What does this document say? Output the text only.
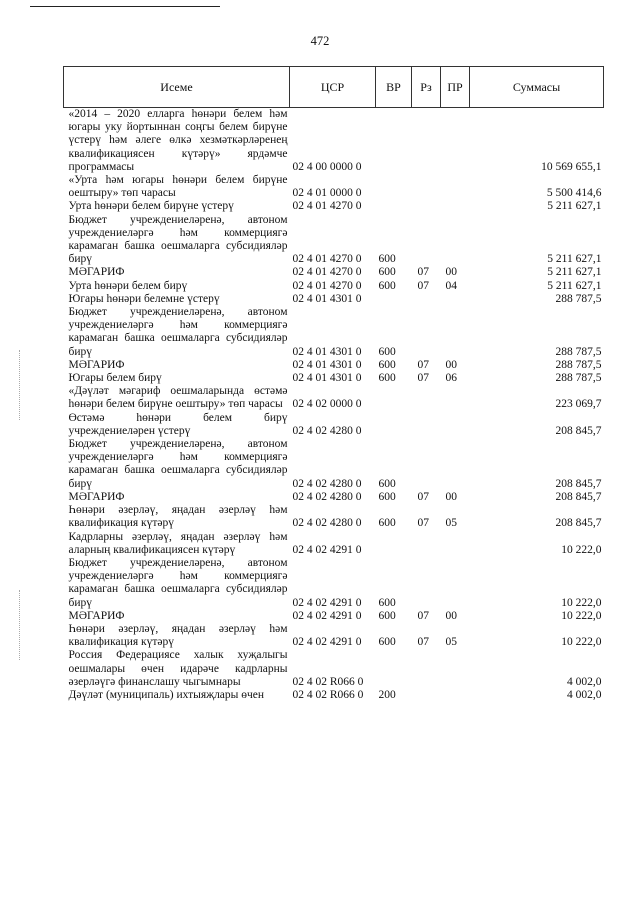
472
Исеме	ЦСР	ВР	Рз	ПР	Суммасы
«2014 – 2020 елларга һөнәри белем һәм югары уку йортыннан соңгы белем бирүне үстерү һәм әлеге өлкә хезмәткәрләренең квалификациясен күтәрү» ярдәмче программасы	02 4 00 0000 0				10 569 655,1
«Урта һәм югары һөнәри белем бирүне оештыру» төп чарасы	02 4 01 0000 0				5 500 414,6
Урта һөнәри белем бирүне үстерү	02 4 01 4270 0				5 211 627,1
Бюджет учреждениеләренә, автоном учреждениеләргә һәм коммерциягә карамаган башка оешмаларга субсидияләр бирү	02 4 01 4270 0	600			5 211 627,1
МӘГАРИФ	02 4 01 4270 0	600	07	00	5 211 627,1
Урта һөнәри белем бирү	02 4 01 4270 0	600	07	04	5 211 627,1
Югары һөнәри белемне үстерү	02 4 01 4301 0				288 787,5
Бюджет учреждениеләренә, автоном учреждениеләргә һәм коммерциягә карамаган башка оешмаларга субсидияләр бирү	02 4 01 4301 0	600			288 787,5
МӘГАРИФ	02 4 01 4301 0	600	07	00	288 787,5
Югары белем бирү	02 4 01 4301 0	600	07	06	288 787,5
«Дәүләт мәгариф оешмаларында өстәмә һөнәри белем бирүне оештыру» төп чарасы	02 4 02 0000 0				223 069,7
Өстәмә һөнәри белем бирү учреждениеләрен үстерү	02 4 02 4280 0				208 845,7
Бюджет учреждениеләренә, автоном учреждениеләргә һәм коммерциягә карамаган башка оешмаларга субсидияләр бирү	02 4 02 4280 0	600			208 845,7
МӘГАРИФ	02 4 02 4280 0	600	07	00	208 845,7
Һөнәри әзерләү, яңадан әзерләү һәм квалификация күтәрү	02 4 02 4280 0	600	07	05	208 845,7
Кадрларны әзерләү, яңадан әзерләү һәм аларның квалификациясен күтәрү	02 4 02 4291 0				10 222,0
Бюджет учреждениеләренә, автоном учреждениеләргә һәм коммерциягә карамаган башка оешмаларга субсидияләр бирү	02 4 02 4291 0	600			10 222,0
МӘГАРИФ	02 4 02 4291 0	600	07	00	10 222,0
Һөнәри әзерләү, яңадан әзерләү һәм квалификация күтәрү	02 4 02 4291 0	600	07	05	10 222,0
Россия Федерациясе халык хуҗалыгы оешмалары өчен идарәче кадрларны әзерләүгә финанслашу чыгымнары	02 4 02 R066 0				4 002,0
Дәүләт (муниципаль) ихтыяҗлары өчен	02 4 02 R066 0	200			4 002,0
